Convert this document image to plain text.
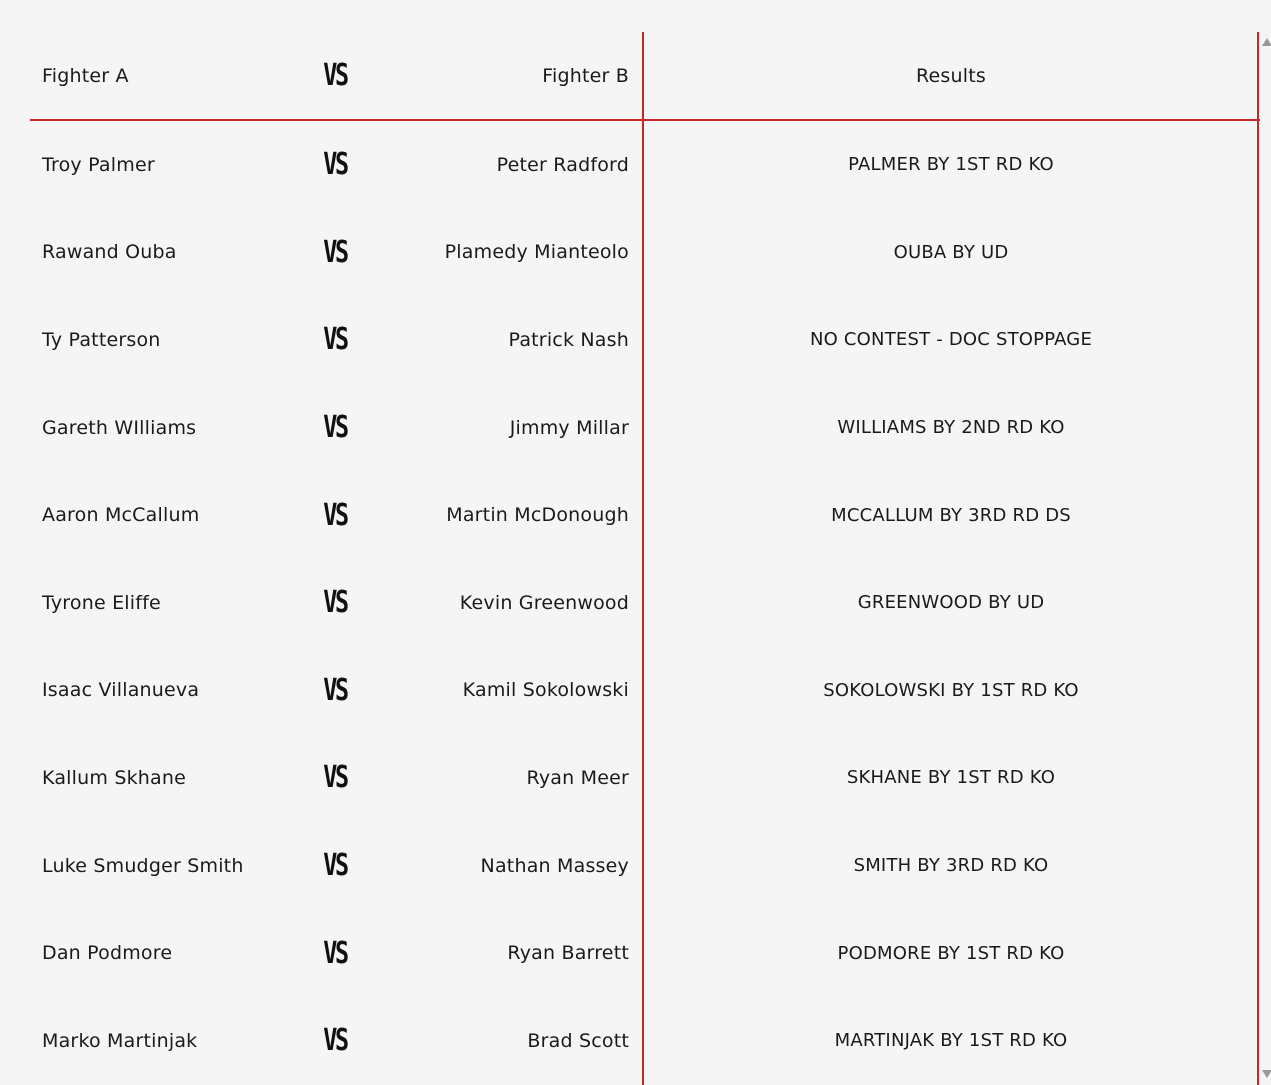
Fighter A	VS	Fighter B	Results
Troy Palmer	VS	Peter Radford	PALMER BY 1ST RD KO
Rawand Ouba	VS	Plamedy Mianteolo	OUBA BY UD
Ty Patterson	VS	Patrick Nash	NO CONTEST - DOC STOPPAGE
Gareth WIlliams	VS	Jimmy Millar	WILLIAMS BY 2ND RD KO
Aaron McCallum	VS	Martin McDonough	MCCALLUM BY 3RD RD DS
Tyrone Eliffe	VS	Kevin Greenwood	GREENWOOD BY UD
Isaac Villanueva	VS	Kamil Sokolowski	SOKOLOWSKI BY 1ST RD KO
Kallum Skhane	VS	Ryan Meer	SKHANE BY 1ST RD KO
Luke Smudger Smith	VS	Nathan Massey	SMITH BY 3RD RD KO
Dan Podmore	VS	Ryan Barrett	PODMORE BY 1ST RD KO
Marko Martinjak	VS	Brad Scott	MARTINJAK BY 1ST RD KO
